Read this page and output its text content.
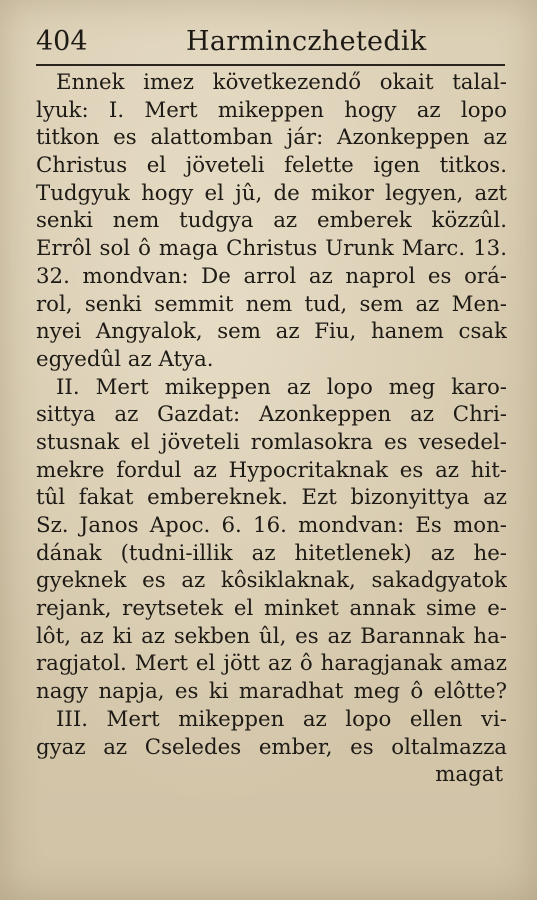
404	Harminczhetedik
Ennek imez következendő okait talal-
lyuk: I. Mert mikeppen hogy az lopo
titkon es alattomban jár: Azonkeppen az
Christus el jöveteli felette igen titkos.
Tudgyuk hogy el jû, de mikor legyen, azt
senki nem tudgya az emberek közzûl.
Errôl sol ô maga Christus Urunk Marc. 13.
32. mondvan: De arrol az naprol es orá-
rol, senki semmit nem tud, sem az Men-
nyei Angyalok, sem az Fiu, hanem csak
egyedûl az Atya.
II. Mert mikeppen az lopo meg karo-
sittya az Gazdat: Azonkeppen az Chri-
stusnak el jöveteli romlasokra es vesedel-
mekre fordul az Hypocritaknak es az hit-
tûl fakat embereknek. Ezt bizonyittya az
Sz. Janos Apoc. 6. 16. mondvan: Es mon-
dának (tudni-illik az hitetlenek) az he-
gyeknek es az kôsiklaknak, sakadgyatok
rejank, reytsetek el minket annak sime e-
lôt, az ki az sekben ûl, es az Barannak ha-
ragjatol. Mert el jött az ô haragjanak amaz
nagy napja, es ki maradhat meg ô elôtte?
III. Mert mikeppen az lopo ellen vi-
gyaz az Cseledes ember, es oltalmazza
magat
